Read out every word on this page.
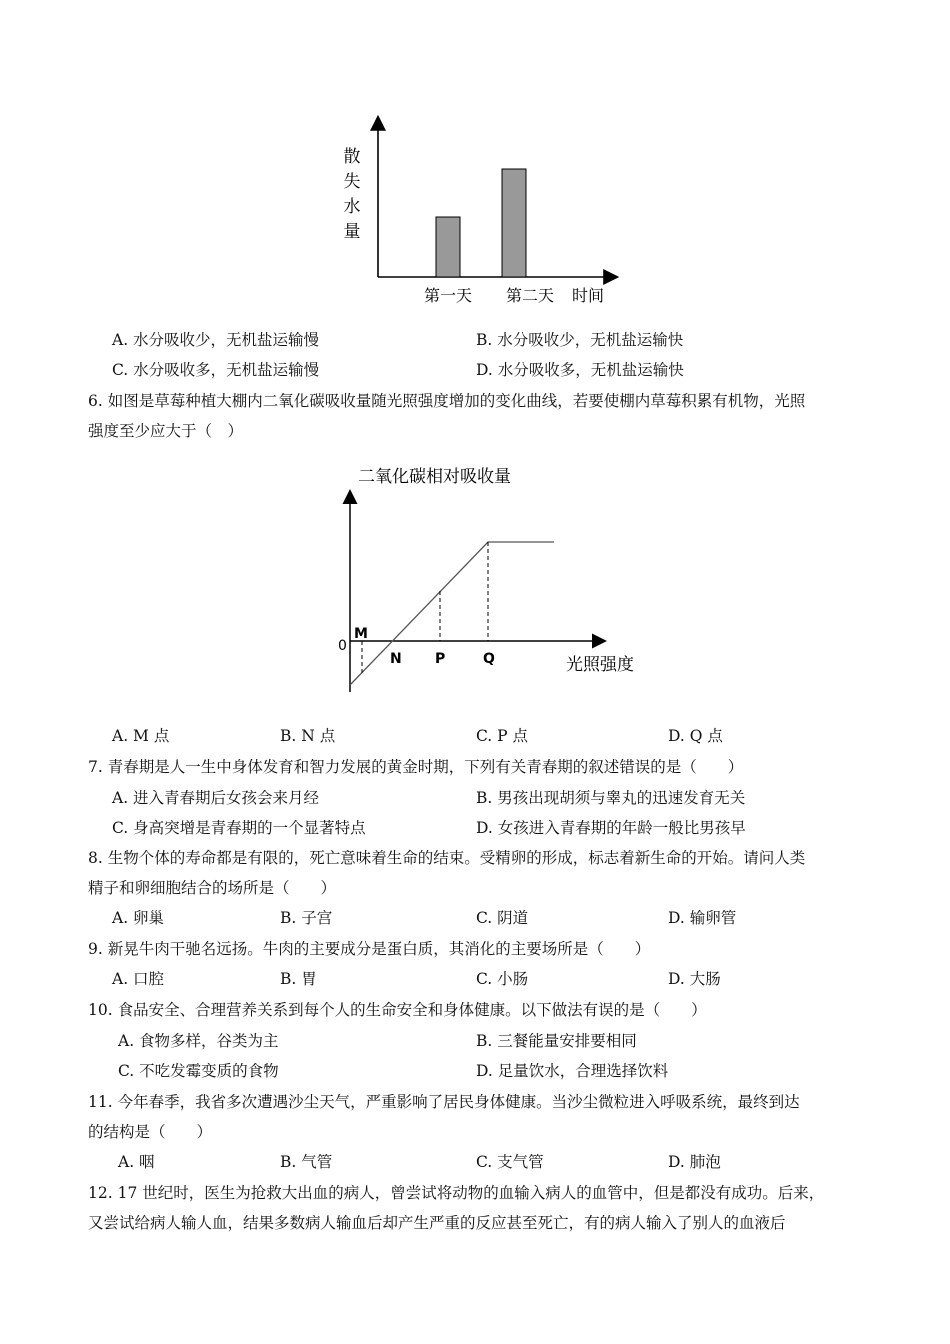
散
失
水
量
第一天 第二天 时间
A. 水分吸收少，无机盐运输慢	B. 水分吸收少，无机盐运输快
C. 水分吸收多，无机盐运输慢	D. 水分吸收多，无机盐运输快
6. 如图是草莓种植大棚内二氧化碳吸收量随光照强度增加的变化曲线，若要使棚内草莓积累有机物，光照
强度至少应大于（　）
二氧化碳相对吸收量
0
M
N P	Q	光照强度
A. M 点	B. N 点	C. P 点	D. Q 点
7. 青春期是人一生中身体发育和智力发展的黄金时期，下列有关青春期的叙述错误的是（　　）
A. 进入青春期后女孩会来月经	B. 男孩出现胡须与睾丸的迅速发育无关
C. 身高突增是青春期的一个显著特点	D. 女孩进入青春期的年龄一般比男孩早
8. 生物个体的寿命都是有限的，死亡意味着生命的结束。受精卵的形成，标志着新生命的开始。请问人类
精子和卵细胞结合的场所是（　　）
A. 卵巢	B. 子宫	C. 阴道	D. 输卵管
9. 新晃牛肉干驰名远扬。牛肉的主要成分是蛋白质，其消化的主要场所是（　　）
A. 口腔	B. 胃	C. 小肠	D. 大肠
10. 食品安全、合理营养关系到每个人的生命安全和身体健康。以下做法有误的是（　　）
A. 食物多样，谷类为主	B. 三餐能量安排要相同
C. 不吃发霉变质的食物	D. 足量饮水，合理选择饮料
11. 今年春季，我省多次遭遇沙尘天气，严重影响了居民身体健康。当沙尘微粒进入呼吸系统，最终到达
的结构是（　　）
A. 咽	B. 气管	C. 支气管	D. 肺泡
12. 17 世纪时，医生为抢救大出血的病人，曾尝试将动物的血输入病人的血管中，但是都没有成功。后来，
又尝试给病人输人血，结果多数病人输血后却产生严重的反应甚至死亡，有的病人输入了别人的血液后
